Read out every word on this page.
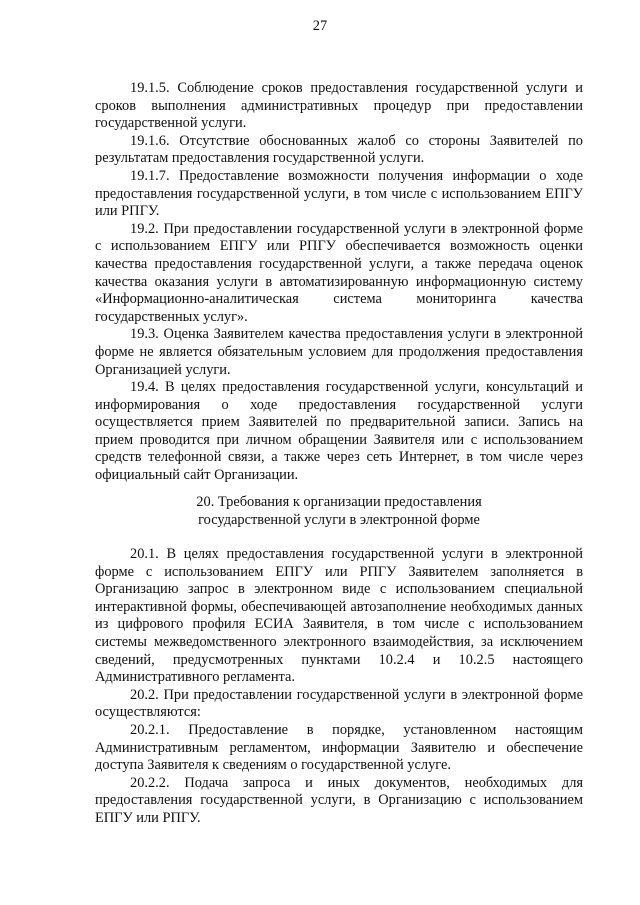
27

19.1.5. Соблюдение сроков предоставления государственной услуги и сроков выполнения административных процедур при предоставлении государственной услуги.

19.1.6. Отсутствие обоснованных жалоб со стороны Заявителей по результатам предоставления государственной услуги.

19.1.7. Предоставление возможности получения информации о ходе предоставления государственной услуги, в том числе с использованием ЕПГУ или РПГУ.

19.2. При предоставлении государственной услуги в электронной форме с использованием ЕПГУ или РПГУ обеспечивается возможность оценки качества предоставления государственной услуги, а также передача оценок качества оказания услуги в автоматизированную информационную систему «Информационно-аналитическая система мониторинга качества государственных услуг».

19.3. Оценка Заявителем качества предоставления услуги в электронной форме не является обязательным условием для продолжения предоставления Организацией услуги.

19.4. В целях предоставления государственной услуги, консультаций и информирования о ходе предоставления государственной услуги осуществляется прием Заявителей по предварительной записи. Запись на прием проводится при личном обращении Заявителя или с использованием средств телефонной связи, а также через сеть Интернет, в том числе через официальный сайт Организации.

20. Требования к организации предоставления
государственной услуги в электронной форме

20.1. В целях предоставления государственной услуги в электронной форме с использованием ЕПГУ или РПГУ Заявителем заполняется в Организацию запрос в электронном виде с использованием специальной интерактивной формы, обеспечивающей автозаполнение необходимых данных из цифрового профиля ЕСИА Заявителя, в том числе с использованием системы межведомственного электронного взаимодействия, за исключением сведений, предусмотренных пунктами 10.2.4 и 10.2.5 настоящего Административного регламента.

20.2. При предоставлении государственной услуги в электронной форме осуществляются:

20.2.1. Предоставление в порядке, установленном настоящим Административным регламентом, информации Заявителю и обеспечение доступа Заявителя к сведениям о государственной услуге.

20.2.2. Подача запроса и иных документов, необходимых для предоставления государственной услуги, в Организацию с использованием ЕПГУ или РПГУ.
